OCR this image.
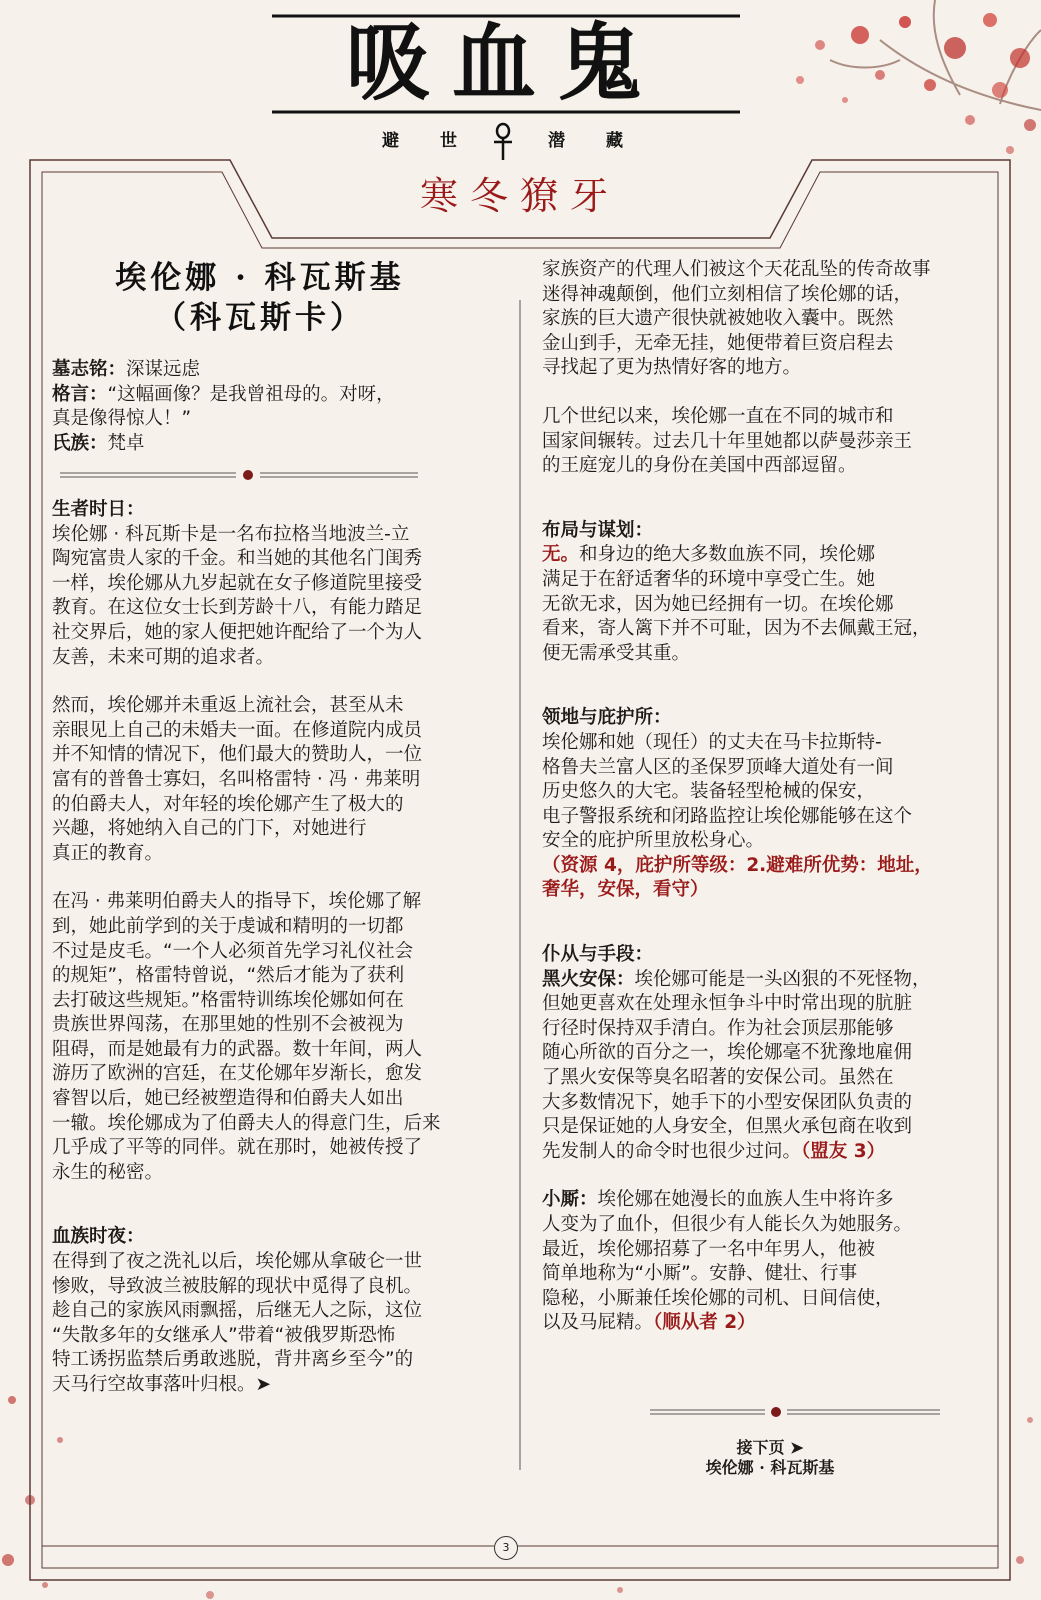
吸血鬼
避 世	潜 藏
寒冬獠牙
埃伦娜 · 科瓦斯基
（科瓦斯卡）

墓志铭：深谋远虑

格言：“这幅画像？是我曾祖母的。对呀，

真是像得惊人！”

氏族：梵卓

生者时日：

埃伦娜 · 科瓦斯卡是一名布拉格当地波兰-立

陶宛富贵人家的千金。和当她的其他名门闺秀

一样，埃伦娜从九岁起就在女子修道院里接受

教育。在这位女士长到芳龄十八，有能力踏足

社交界后，她的家人便把她许配给了一个为人

友善，未来可期的追求者。

然而，埃伦娜并未重返上流社会，甚至从未

亲眼见上自己的未婚夫一面。在修道院内成员

并不知情的情况下，他们最大的赞助人，一位

富有的普鲁士寡妇，名叫格雷特 · 冯 · 弗莱明

的伯爵夫人，对年轻的埃伦娜产生了极大的

兴趣，将她纳入自己的门下，对她进行

真正的教育。

在冯 · 弗莱明伯爵夫人的指导下，埃伦娜了解

到，她此前学到的关于虔诚和精明的一切都

不过是皮毛。“一个人必须首先学习礼仪社会

的规矩”，格雷特曾说，“然后才能为了获利

去打破这些规矩。”格雷特训练埃伦娜如何在

贵族世界闯荡，在那里她的性别不会被视为

阻碍，而是她最有力的武器。数十年间，两人

游历了欧洲的宫廷，在艾伦娜年岁渐长，愈发

睿智以后，她已经被塑造得和伯爵夫人如出

一辙。埃伦娜成为了伯爵夫人的得意门生，后来

几乎成了平等的同伴。就在那时，她被传授了

永生的秘密。

血族时夜：

在得到了夜之洗礼以后，埃伦娜从拿破仑一世

惨败，导致波兰被肢解的现状中觅得了良机。

趁自己的家族风雨飘摇，后继无人之际，这位

“失散多年的女继承人”带着“被俄罗斯恐怖

特工诱拐监禁后勇敢逃脱，背井离乡至今”的

天马行空故事落叶归根。➤

家族资产的代理人们被这个天花乱坠的传奇故事

迷得神魂颠倒，他们立刻相信了埃伦娜的话，

家族的巨大遗产很快就被她收入囊中。既然

金山到手，无牵无挂，她便带着巨资启程去

寻找起了更为热情好客的地方。

几个世纪以来，埃伦娜一直在不同的城市和

国家间辗转。过去几十年里她都以萨曼莎亲王

的王庭宠儿的身份在美国中西部逗留。

布局与谋划：

无。和身边的绝大多数血族不同，埃伦娜

满足于在舒适奢华的环境中享受亡生。她

无欲无求，因为她已经拥有一切。在埃伦娜

看来，寄人篱下并不可耻，因为不去佩戴王冠，

便无需承受其重。

领地与庇护所：

埃伦娜和她（现任）的丈夫在马卡拉斯特-

格鲁夫兰富人区的圣保罗顶峰大道处有一间

历史悠久的大宅。装备轻型枪械的保安，

电子警报系统和闭路监控让埃伦娜能够在这个

安全的庇护所里放松身心。

（资源 4，庇护所等级：2.避难所优势：地址，

奢华，安保，看守）

仆从与手段：

黑火安保：埃伦娜可能是一头凶狠的不死怪物，

但她更喜欢在处理永恒争斗中时常出现的肮脏

行径时保持双手清白。作为社会顶层那能够

随心所欲的百分之一，埃伦娜毫不犹豫地雇佣

了黑火安保等臭名昭著的安保公司。虽然在

大多数情况下，她手下的小型安保团队负责的

只是保证她的人身安全，但黑火承包商在收到

先发制人的命令时也很少过问。（盟友 3）

小厮：埃伦娜在她漫长的血族人生中将许多

人变为了血仆，但很少有人能长久为她服务。

最近，埃伦娜招募了一名中年男人，他被

简单地称为“小厮”。安静、健壮、行事

隐秘，小厮兼任埃伦娜的司机、日间信使，

以及马屁精。（顺从者 2）

接下页 ➤
埃伦娜 · 科瓦斯基
3
